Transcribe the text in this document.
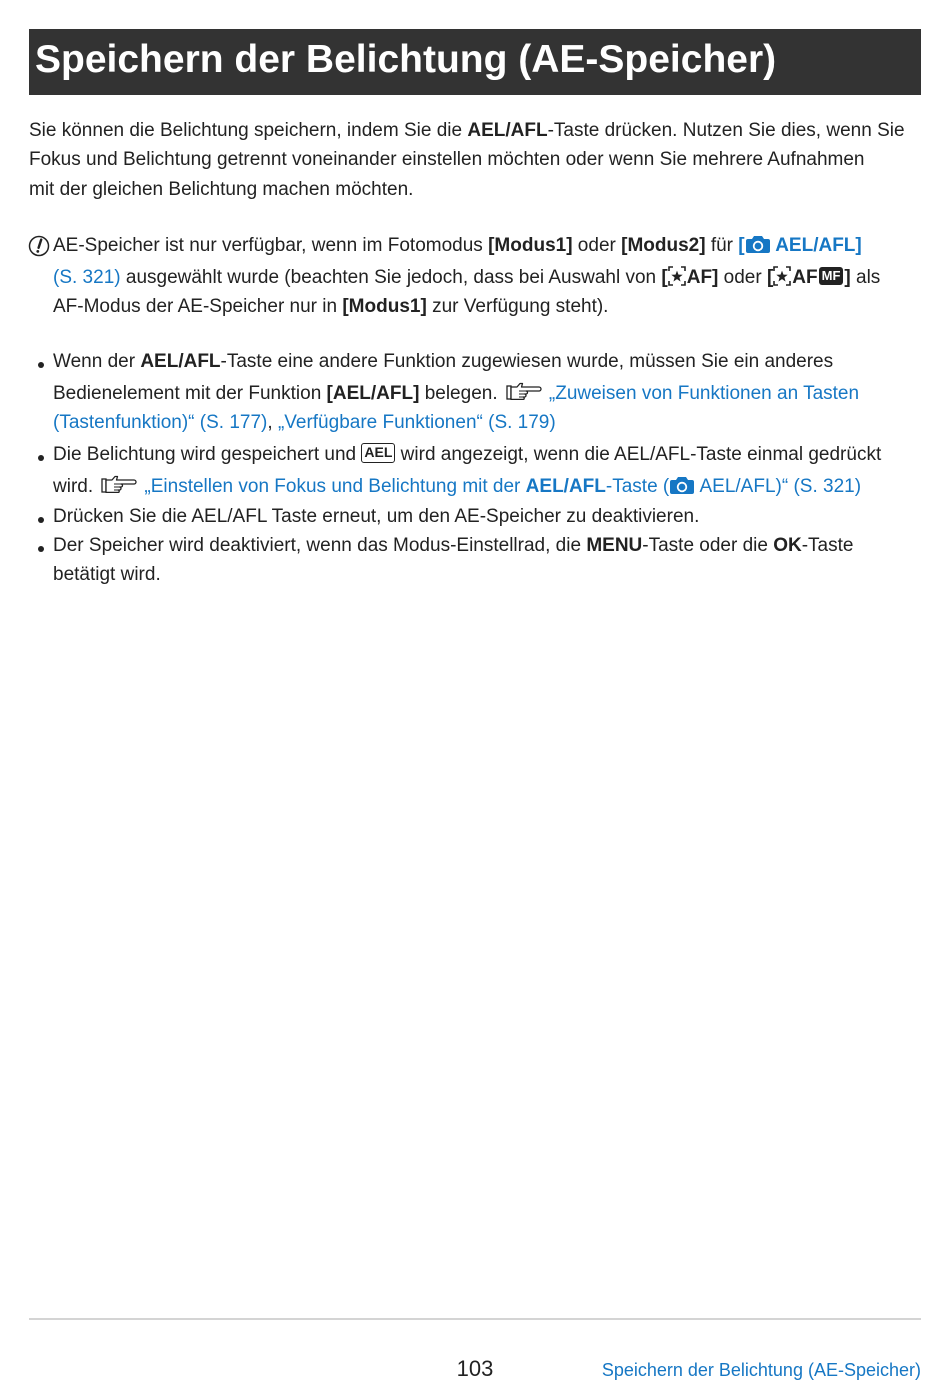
Speichern der Belichtung (AE-Speicher)
Sie können die Belichtung speichern, indem Sie die AEL/AFL-Taste drücken. Nutzen Sie dies, wenn Sie
Fokus und Belichtung getrennt voneinander einstellen möchten oder wenn Sie mehrere Aufnahmen
mit der gleichen Belichtung machen möchten.
AE-Speicher ist nur verfügbar, wenn im Fotomodus [Modus1] oder [Modus2] für [ AEL/AFL]
(S. 321) ausgewählt wurde (beachten Sie jedoch, dass bei Auswahl von [ AF] oder [ AF MF ] als
AF-Modus der AE-Speicher nur in [Modus1] zur Verfügung steht).
Wenn der AEL/AFL-Taste eine andere Funktion zugewiesen wurde, müssen Sie ein anderes
Bedienelement mit der Funktion [AEL/AFL] belegen. „Zuweisen von Funktionen an Tasten
(Tastenfunktion)“ (S. 177), „Verfügbare Funktionen“ (S. 179)
Die Belichtung wird gespeichert und AEL wird angezeigt, wenn die AEL/AFL-Taste einmal gedrückt
wird. „Einstellen von Fokus und Belichtung mit der AEL/AFL-Taste ( AEL/AFL)“ (S. 321)
Drücken Sie die AEL/AFL Taste erneut, um den AE-Speicher zu deaktivieren.
Der Speicher wird deaktiviert, wenn das Modus-Einstellrad, die MENU-Taste oder die OK-Taste
betätigt wird.
103	Speichern der Belichtung (AE-Speicher)
